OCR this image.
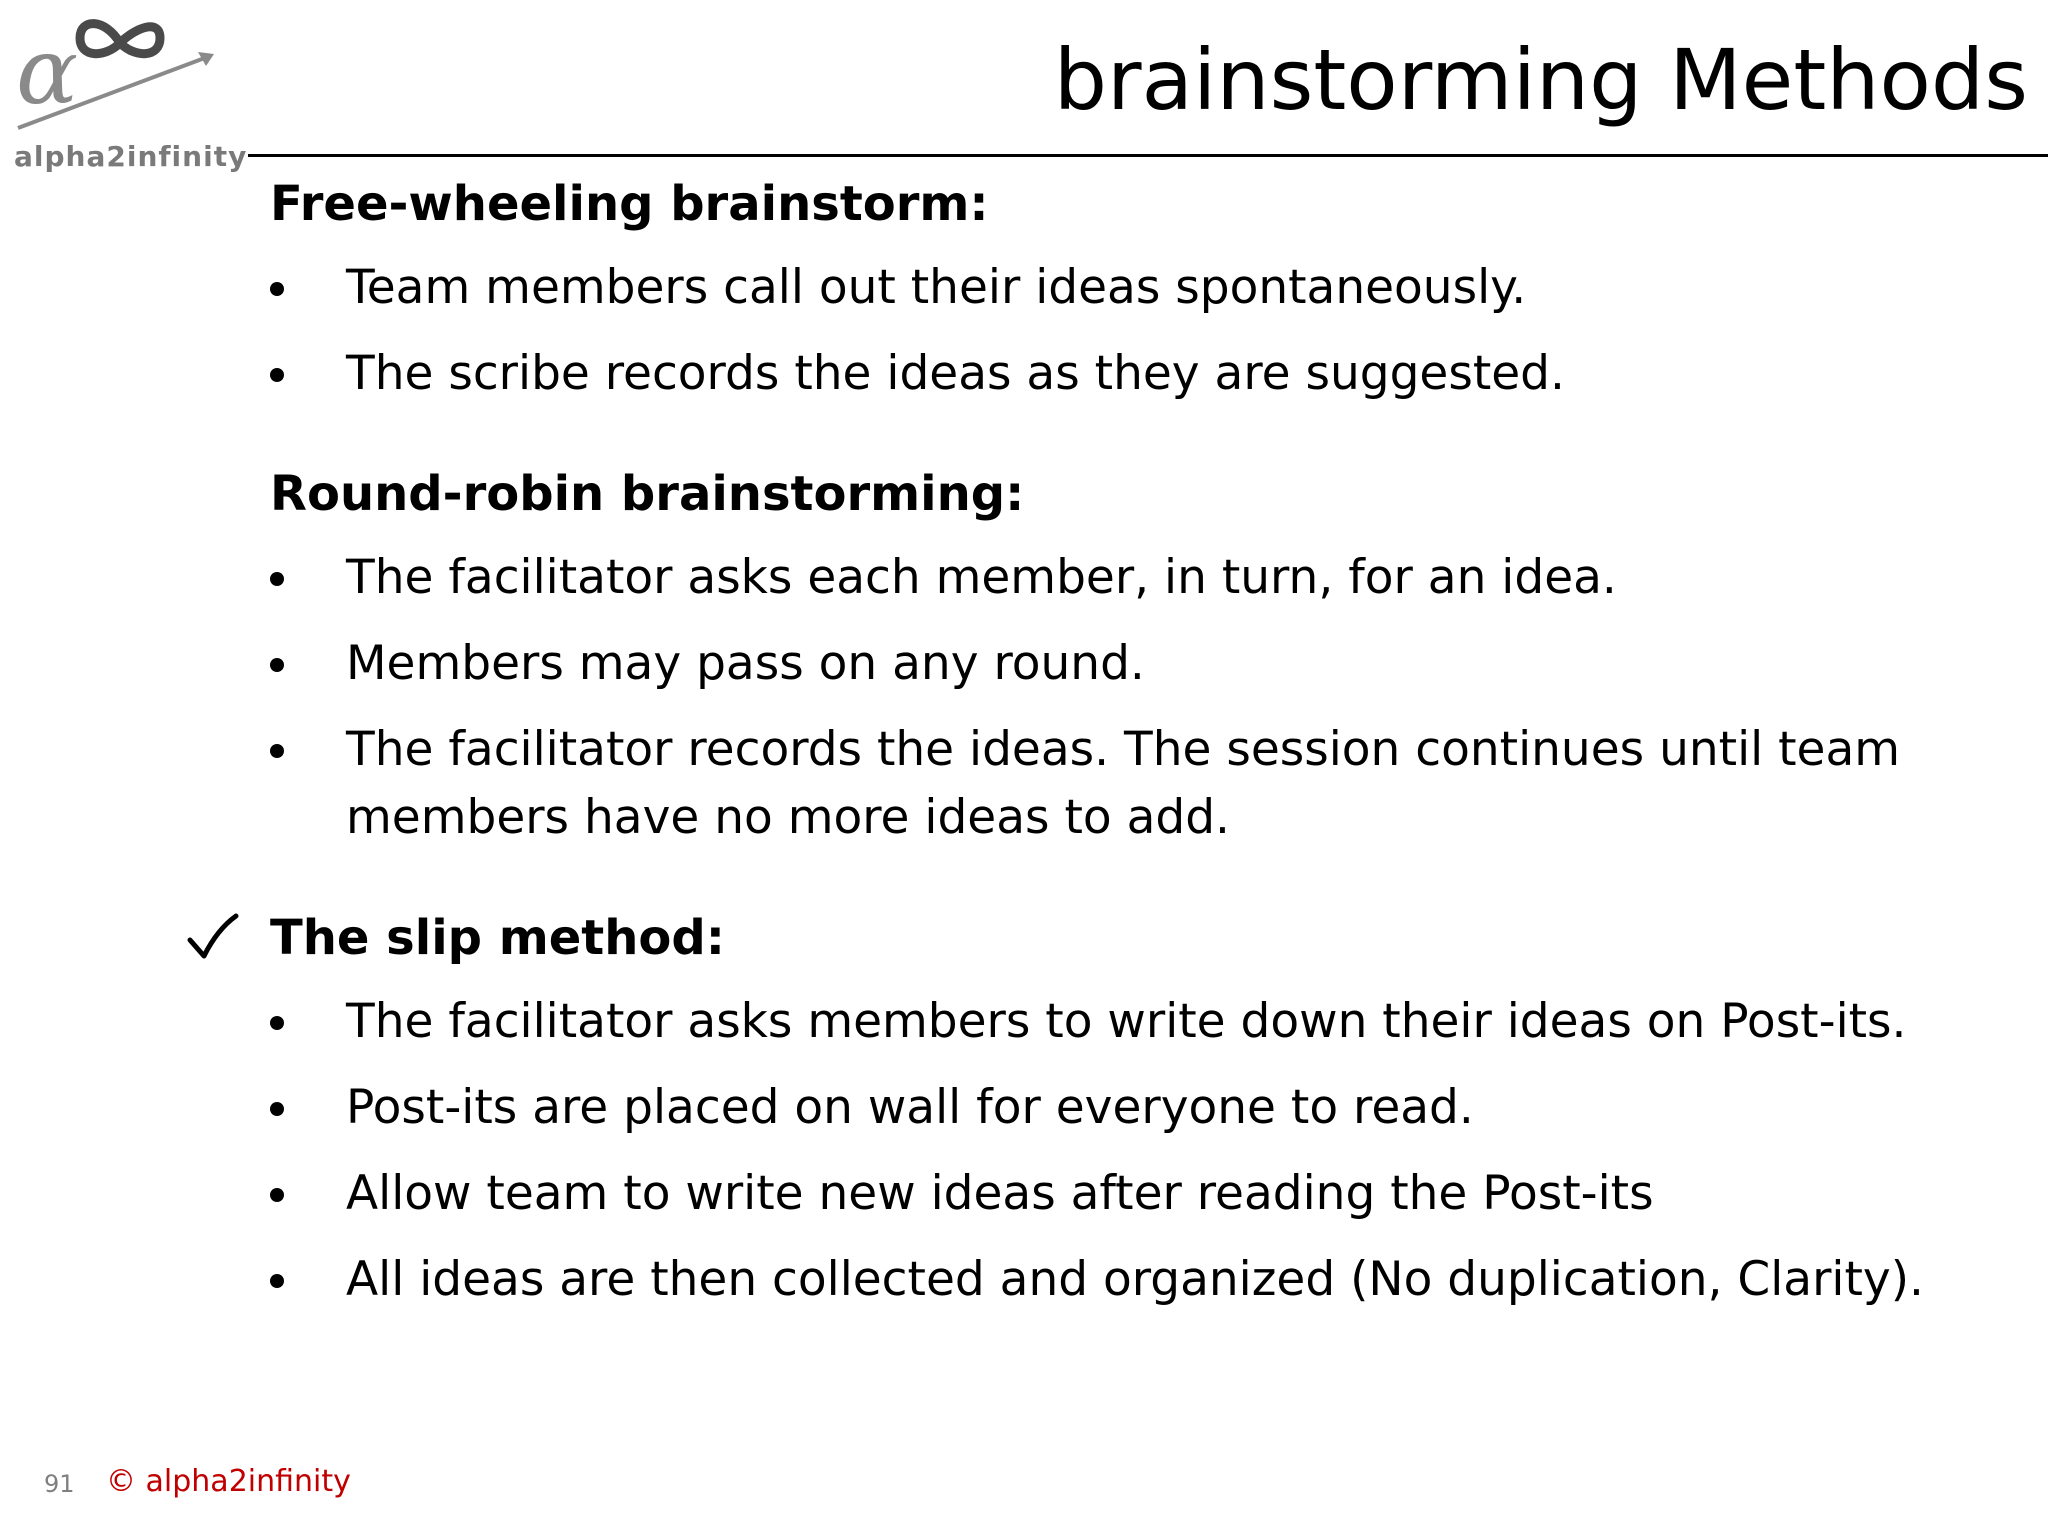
α
alpha2infinity
brainstorming Methods
Free-wheeling brainstorm:
Team members call out their ideas spontaneously.
The scribe records the ideas as they are suggested.
Round-robin brainstorming:
The facilitator asks each member, in turn, for an idea.
Members may pass on any round.
The facilitator records the ideas. The session continues until team
members have no more ideas to add.
The slip method:
The facilitator asks members to write down their ideas on Post-its.
Post-its are placed on wall for everyone to read.
Allow team to write new ideas after reading the Post-its
All ideas are then collected and organized (No duplication, Clarity).
91 © alpha2infinity
